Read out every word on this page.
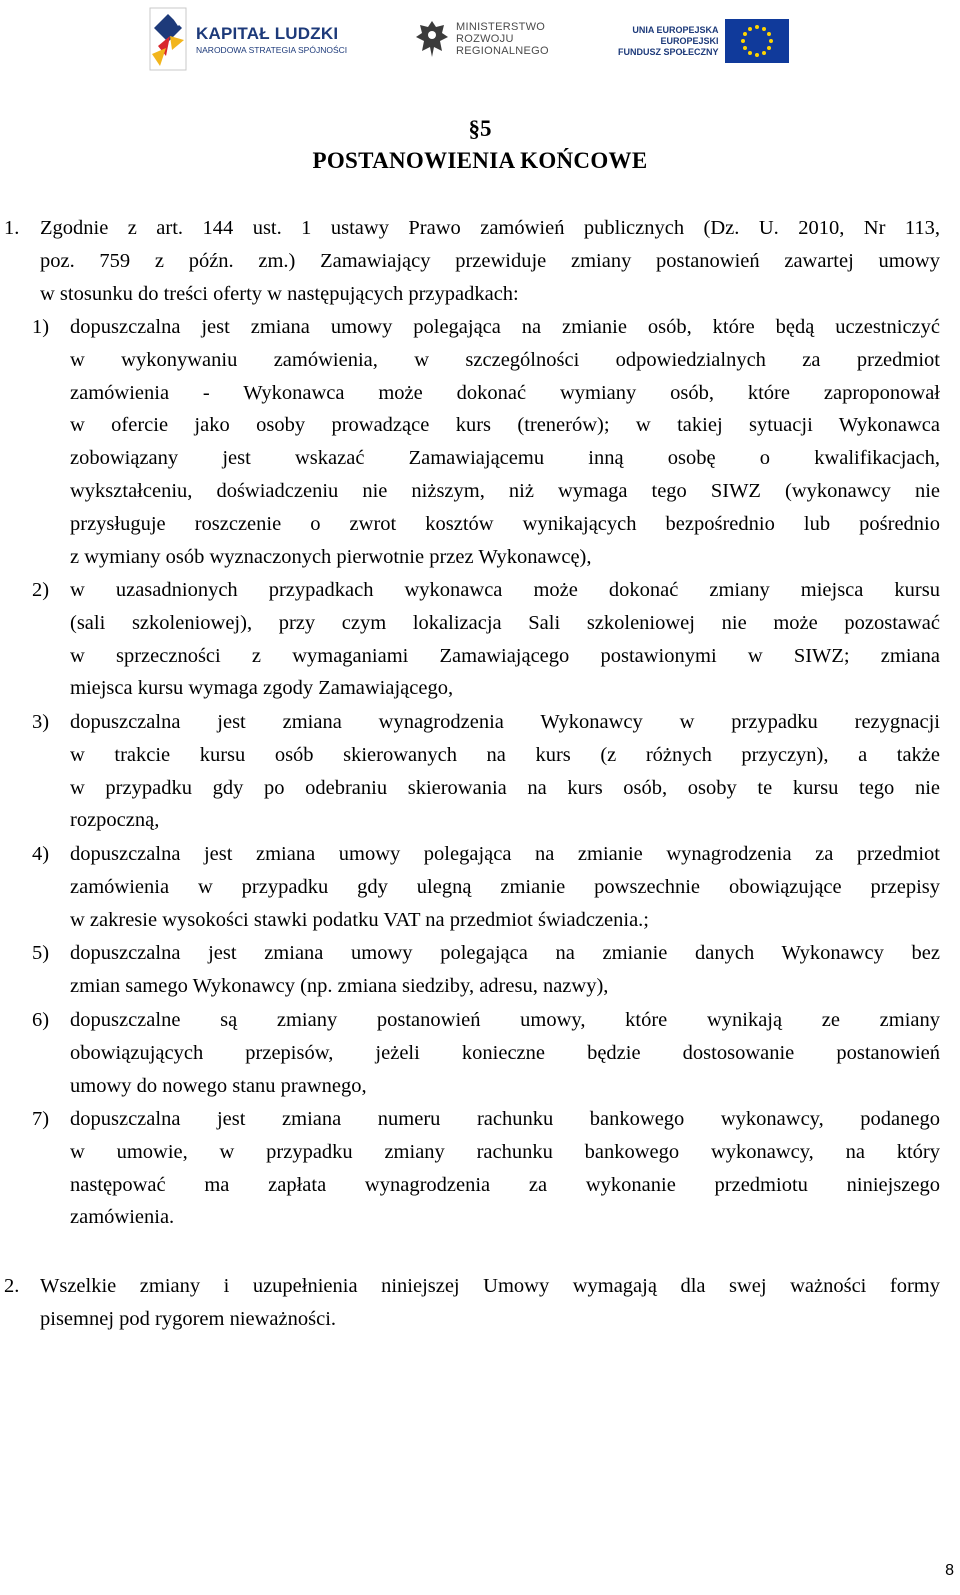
KAPITAŁ LUDZKI
NARODOWA STRATEGIA SPÓJNOŚCI
MINISTERSTWO
ROZWOJU
REGIONALNEGO
UNIA EUROPEJSKA
EUROPEJSKI
FUNDUSZ SPOŁECZNY
§5
POSTANOWIENIA KOŃCOWE
1. Zgodnie z art. 144 ust. 1 ustawy Prawo zamówień publicznych (Dz. U. 2010, Nr 113,
poz. 759 z późn. zm.) Zamawiający przewiduje zmiany postanowień zawartej umowy
w stosunku do treści oferty w następujących przypadkach:
1) dopuszczalna jest zmiana umowy polegająca na zmianie osób, które będą uczestniczyć
w wykonywaniu zamówienia, w szczególności odpowiedzialnych za przedmiot
zamówienia - Wykonawca może dokonać wymiany osób, które zaproponował
w ofercie jako osoby prowadzące kurs (trenerów); w takiej sytuacji Wykonawca
zobowiązany jest wskazać Zamawiającemu inną osobę o kwalifikacjach,
wykształceniu, doświadczeniu nie niższym, niż wymaga tego SIWZ (wykonawcy nie
przysługuje roszczenie o zwrot kosztów wynikających bezpośrednio lub pośrednio
z wymiany osób wyznaczonych pierwotnie przez Wykonawcę),
2) w uzasadnionych przypadkach wykonawca może dokonać zmiany miejsca kursu
(sali szkoleniowej), przy czym lokalizacja Sali szkoleniowej nie może pozostawać
w sprzeczności z wymaganiami Zamawiającego postawionymi w SIWZ; zmiana
miejsca kursu wymaga zgody Zamawiającego,
3) dopuszczalna jest zmiana wynagrodzenia Wykonawcy w przypadku rezygnacji
w trakcie kursu osób skierowanych na kurs (z różnych przyczyn), a także
w przypadku gdy po odebraniu skierowania na kurs osób, osoby te kursu tego nie
rozpoczną,
4) dopuszczalna jest zmiana umowy polegająca na zmianie wynagrodzenia za przedmiot
zamówienia w przypadku gdy ulegną zmianie powszechnie obowiązujące przepisy
w zakresie wysokości stawki podatku VAT na przedmiot świadczenia.;
5) dopuszczalna jest zmiana umowy polegająca na zmianie danych Wykonawcy bez
zmian samego Wykonawcy (np. zmiana siedziby, adresu, nazwy),
6) dopuszczalne są zmiany postanowień umowy, które wynikają ze zmiany
obowiązujących przepisów, jeżeli konieczne będzie dostosowanie postanowień
umowy do nowego stanu prawnego,
7) dopuszczalna jest zmiana numeru rachunku bankowego wykonawcy, podanego
w umowie, w przypadku zmiany rachunku bankowego wykonawcy, na który
następować ma zapłata wynagrodzenia za wykonanie przedmiotu niniejszego
zamówienia.
2. Wszelkie zmiany i uzupełnienia niniejszej Umowy wymagają dla swej ważności formy
pisemnej pod rygorem nieważności.
8
